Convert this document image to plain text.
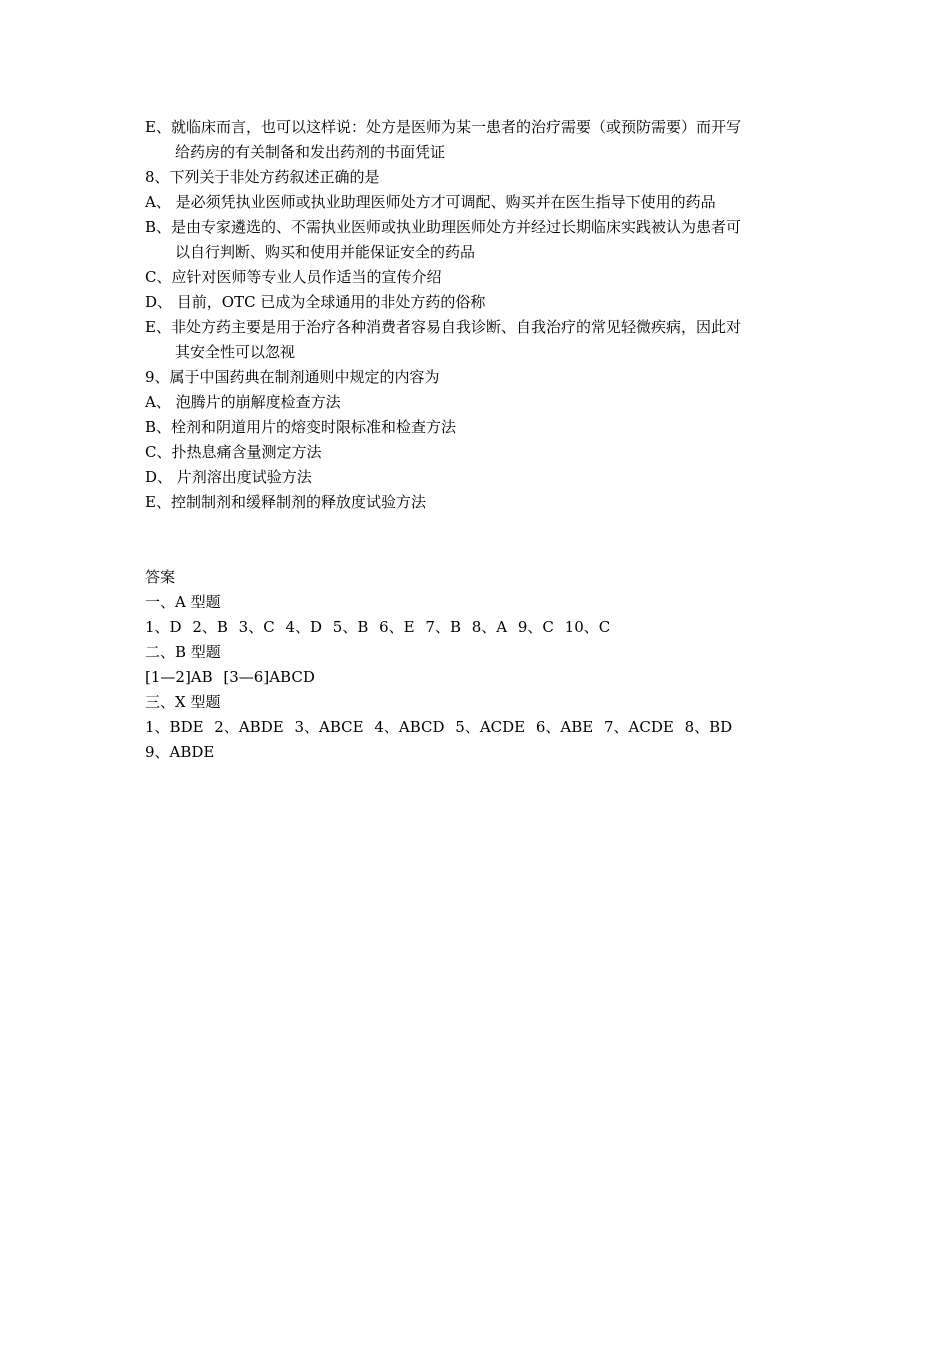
E、就临床而言，也可以这样说：处方是医师为某一患者的治疗需要（或预防需要）而开写
给药房的有关制备和发出药剂的书面凭证
8、下列关于非处方药叙述正确的是
A、 是必须凭执业医师或执业助理医师处方才可调配、购买并在医生指导下使用的药品
B、是由专家遴选的、不需执业医师或执业助理医师处方并经过长期临床实践被认为患者可
以自行判断、购买和使用并能保证安全的药品
C、应针对医师等专业人员作适当的宣传介绍
D、 目前，OTC 已成为全球通用的非处方药的俗称
E、非处方药主要是用于治疗各种消费者容易自我诊断、自我治疗的常见轻微疾病，因此对
其安全性可以忽视
9、属于中国药典在制剂通则中规定的内容为
A、 泡腾片的崩解度检查方法
B、栓剂和阴道用片的熔变时限标准和检查方法
C、扑热息痛含量测定方法
D、 片剂溶出度试验方法
E、控制制剂和缓释制剂的释放度试验方法
答案
一、A 型题
1、D 2、B 3、C 4、D 5、B 6、E 7、B 8、A 9、C 10、C
二、B 型题
[1—2]AB [3—6]ABCD
三、X 型题
1、BDE 2、ABDE 3、ABCE 4、ABCD 5、ACDE 6、ABE 7、ACDE 8、BD
9、ABDE
